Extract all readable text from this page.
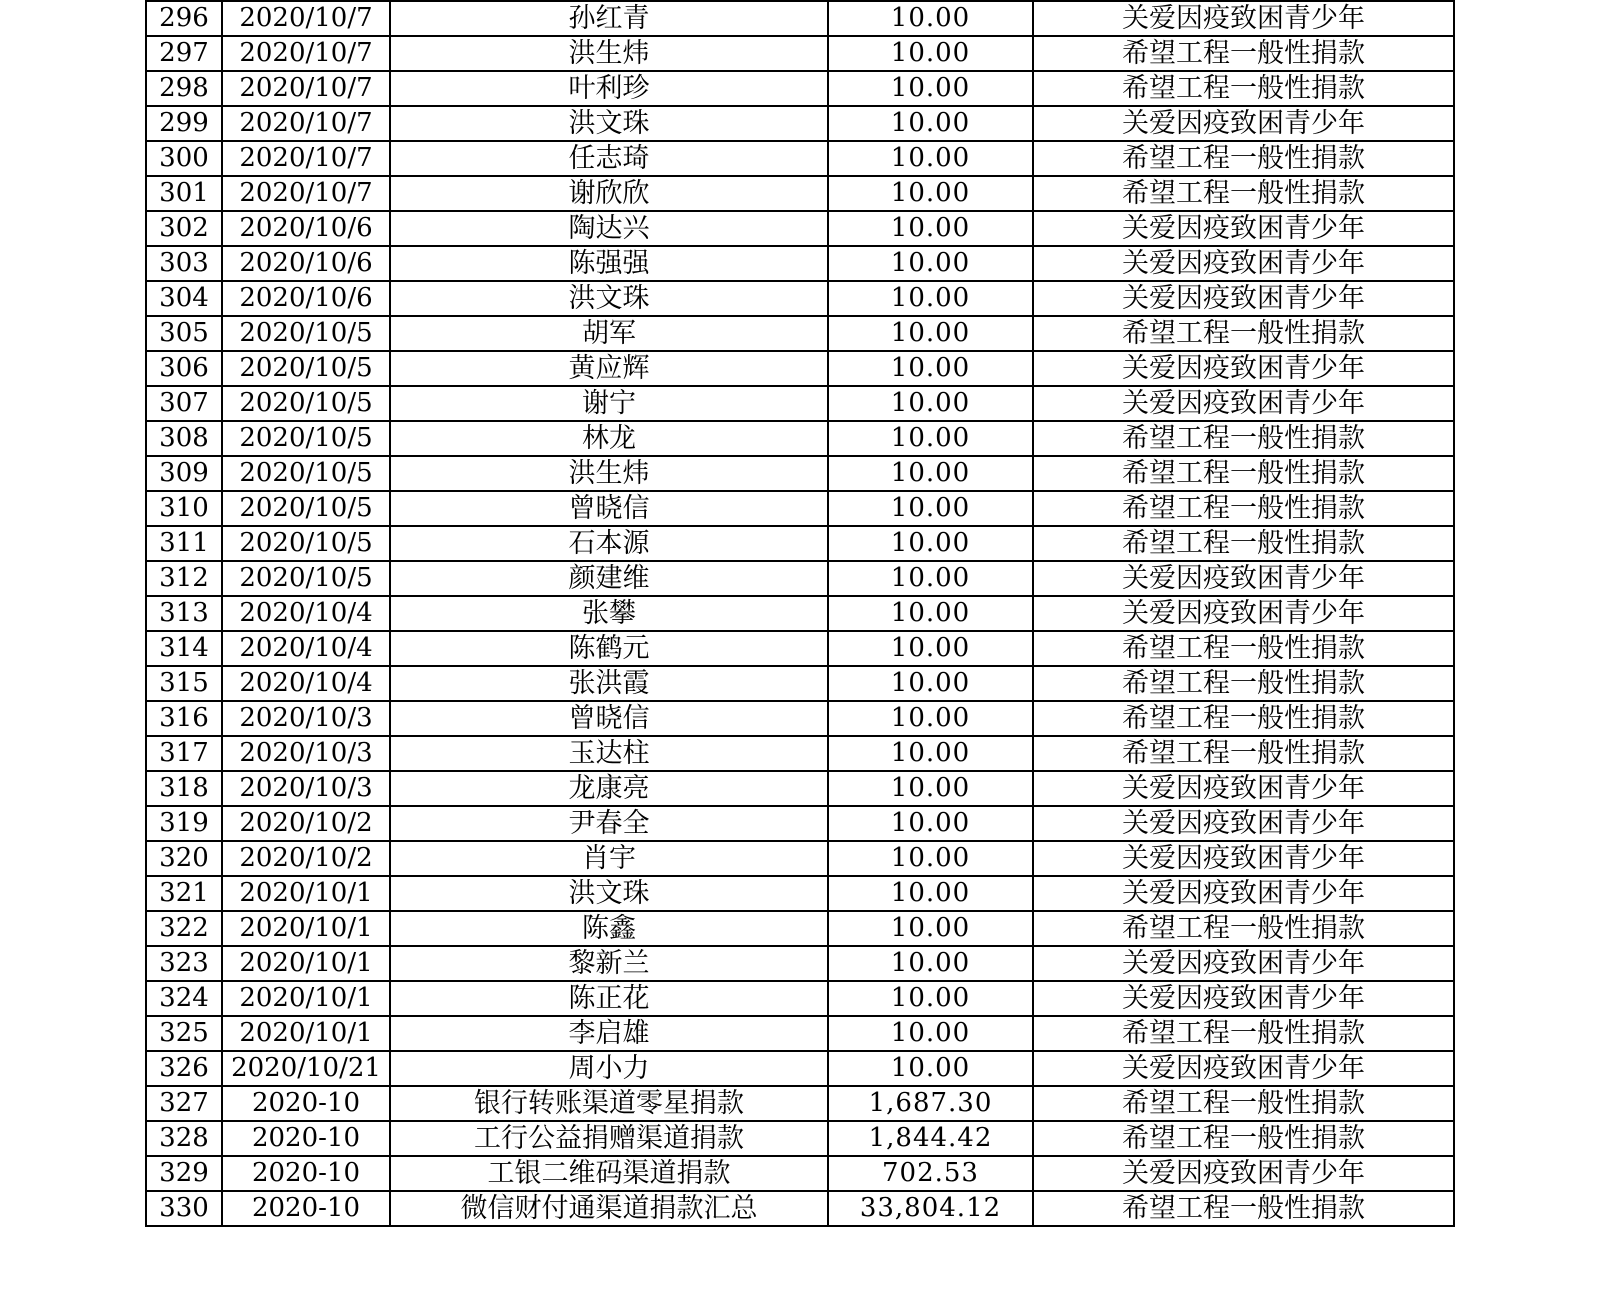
296	2020/10/7	孙红青	10.00	关爱因疫致困青少年
297	2020/10/7	洪生炜	10.00	希望工程一般性捐款
298	2020/10/7	叶利珍	10.00	希望工程一般性捐款
299	2020/10/7	洪文珠	10.00	关爱因疫致困青少年
300	2020/10/7	任志琦	10.00	希望工程一般性捐款
301	2020/10/7	谢欣欣	10.00	希望工程一般性捐款
302	2020/10/6	陶达兴	10.00	关爱因疫致困青少年
303	2020/10/6	陈强强	10.00	关爱因疫致困青少年
304	2020/10/6	洪文珠	10.00	关爱因疫致困青少年
305	2020/10/5	胡军	10.00	希望工程一般性捐款
306	2020/10/5	黄应辉	10.00	关爱因疫致困青少年
307	2020/10/5	谢宁	10.00	关爱因疫致困青少年
308	2020/10/5	林龙	10.00	希望工程一般性捐款
309	2020/10/5	洪生炜	10.00	希望工程一般性捐款
310	2020/10/5	曾晓信	10.00	希望工程一般性捐款
311	2020/10/5	石本源	10.00	希望工程一般性捐款
312	2020/10/5	颜建维	10.00	关爱因疫致困青少年
313	2020/10/4	张攀	10.00	关爱因疫致困青少年
314	2020/10/4	陈鹤元	10.00	希望工程一般性捐款
315	2020/10/4	张洪霞	10.00	希望工程一般性捐款
316	2020/10/3	曾晓信	10.00	希望工程一般性捐款
317	2020/10/3	玉达柱	10.00	希望工程一般性捐款
318	2020/10/3	龙康亮	10.00	关爱因疫致困青少年
319	2020/10/2	尹春全	10.00	关爱因疫致困青少年
320	2020/10/2	肖宇	10.00	关爱因疫致困青少年
321	2020/10/1	洪文珠	10.00	关爱因疫致困青少年
322	2020/10/1	陈鑫	10.00	希望工程一般性捐款
323	2020/10/1	黎新兰	10.00	关爱因疫致困青少年
324	2020/10/1	陈正花	10.00	关爱因疫致困青少年
325	2020/10/1	李启雄	10.00	希望工程一般性捐款
326	2020/10/21	周小力	10.00	关爱因疫致困青少年
327	2020-10	银行转账渠道零星捐款	1,687.30	希望工程一般性捐款
328	2020-10	工行公益捐赠渠道捐款	1,844.42	希望工程一般性捐款
329	2020-10	工银二维码渠道捐款	702.53	关爱因疫致困青少年
330	2020-10	微信财付通渠道捐款汇总	33,804.12	希望工程一般性捐款
